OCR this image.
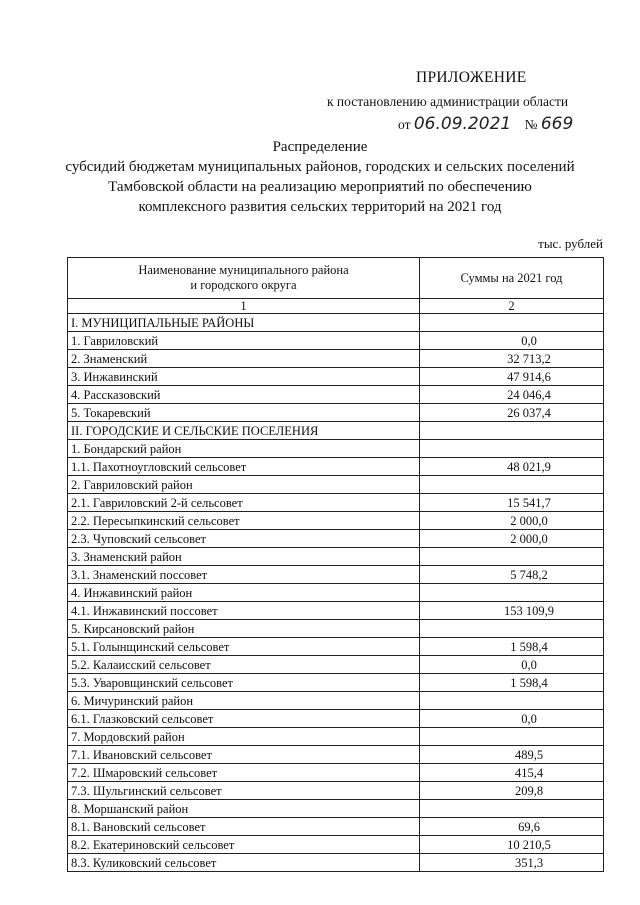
ПРИЛОЖЕНИЕ
к постановлению администрации области
от 06.09.2021 № 669
Распределение
субсидий бюджетам муниципальных районов, городских и сельских поселений
Тамбовской области на реализацию мероприятий по обеспечению
комплексного развития сельских территорий на 2021 год
тыс. рублей
Наименование муниципального района
и городского округа	Суммы на 2021 год
1	2
I. МУНИЦИПАЛЬНЫЕ РАЙОНЫ	
1. Гавриловский	0,0
2. Знаменский	32 713,2
3. Инжавинский	47 914,6
4. Рассказовский	24 046,4
5. Токаревский	26 037,4
II. ГОРОДСКИЕ И СЕЛЬСКИЕ ПОСЕЛЕНИЯ	
1. Бондарский район	
1.1. Пахотноугловский сельсовет	48 021,9
2. Гавриловский район	
2.1. Гавриловский 2-й сельсовет	15 541,7
2.2. Пересыпкинский сельсовет	2 000,0
2.3. Чуповский сельсовет	2 000,0
3. Знаменский район	
3.1. Знаменский поссовет	5 748,2
4. Инжавинский район	
4.1. Инжавинский поссовет	153 109,9
5. Кирсановский район	
5.1. Голынщинский сельсовет	1 598,4
5.2. Калаисский сельсовет	0,0
5.3. Уваровщинский сельсовет	1 598,4
6. Мичуринский район	
6.1. Глазковский сельсовет	0,0
7. Мордовский район	
7.1. Ивановский сельсовет	489,5
7.2. Шмаровский сельсовет	415,4
7.3. Шульгинский сельсовет	209,8
8. Моршанский район	
8.1. Вановский сельсовет	69,6
8.2. Екатериновский сельсовет	10 210,5
8.3. Куликовский сельсовет	351,3
